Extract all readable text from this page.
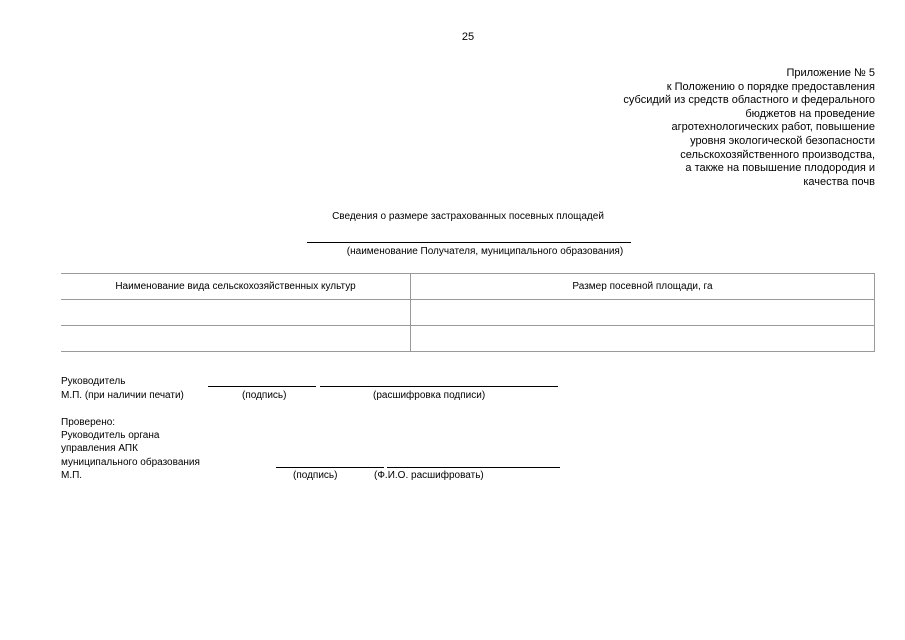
25
Приложение № 5
к Положению о порядке предоставления
субсидий из средств областного и федерального
бюджетов на проведение
агротехнологических работ, повышение
уровня экологической безопасности
сельскохозяйственного производства,
а также на повышение плодородия и
качества почв
Сведения о размере застрахованных посевных площадей
(наименование Получателя, муниципального образования)
Наименование вида сельскохозяйственных культур	Размер посевной площади, га

Руководитель
М.П. (при наличии печати)	(подпись)	(расшифровка подписи)
Проверено:
Руководитель органа
управления АПК
муниципального образования
М.П.	(подпись)	(Ф.И.О. расшифровать)
